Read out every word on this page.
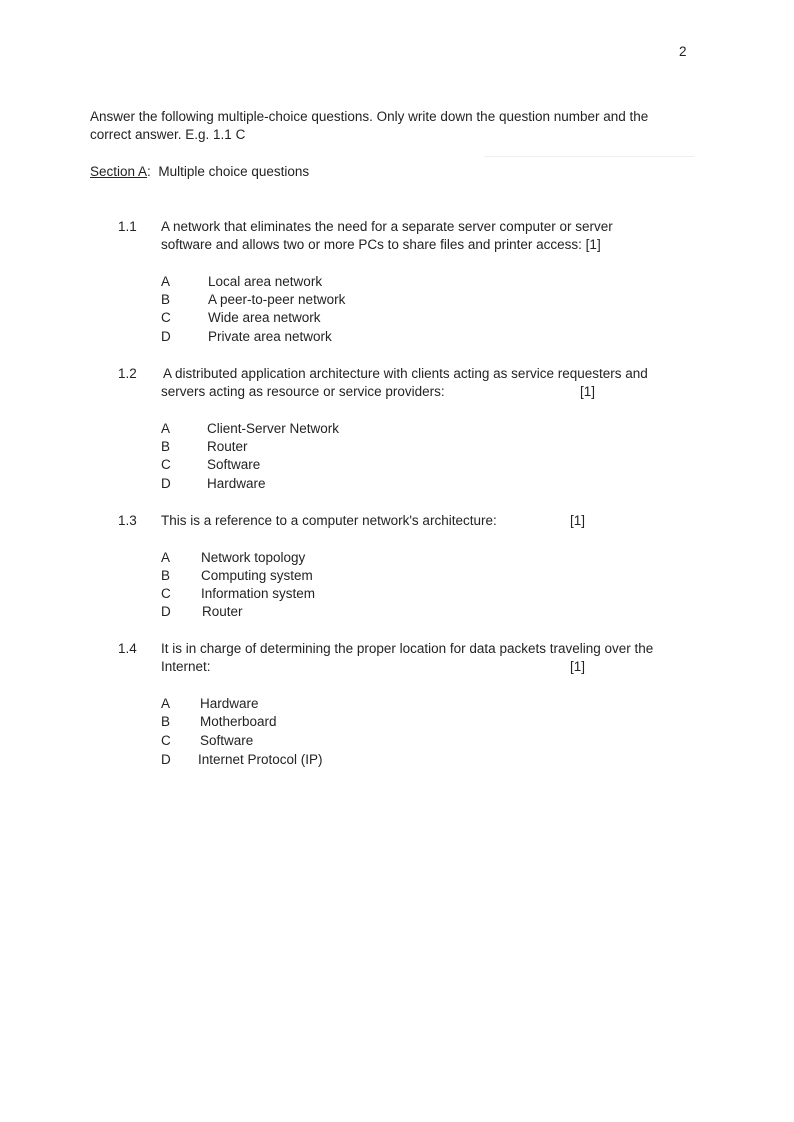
2
Answer the following multiple-choice questions. Only write down the question number and the
correct answer. E.g. 1.1 C
Section A: Multiple choice questions
1.1 A network that eliminates the need for a separate server computer or server
software and allows two or more PCs to share files and printer access: [1]
A	Local area network
B	A peer-to-peer network
C	Wide area network
D	Private area network
1.2 A distributed application architecture with clients acting as service requesters and
servers acting as resource or service providers:	[1]
A	Client-Server Network
B	Router
C	Software
D	Hardware
1.3 This is a reference to a computer network's architecture:	[1]
A Network topology
B Computing system
C Information system
D Router
1.4 It is in charge of determining the proper location for data packets traveling over the
Internet:	[1]
A Hardware
B Motherboard
C Software
D Internet Protocol (IP)
